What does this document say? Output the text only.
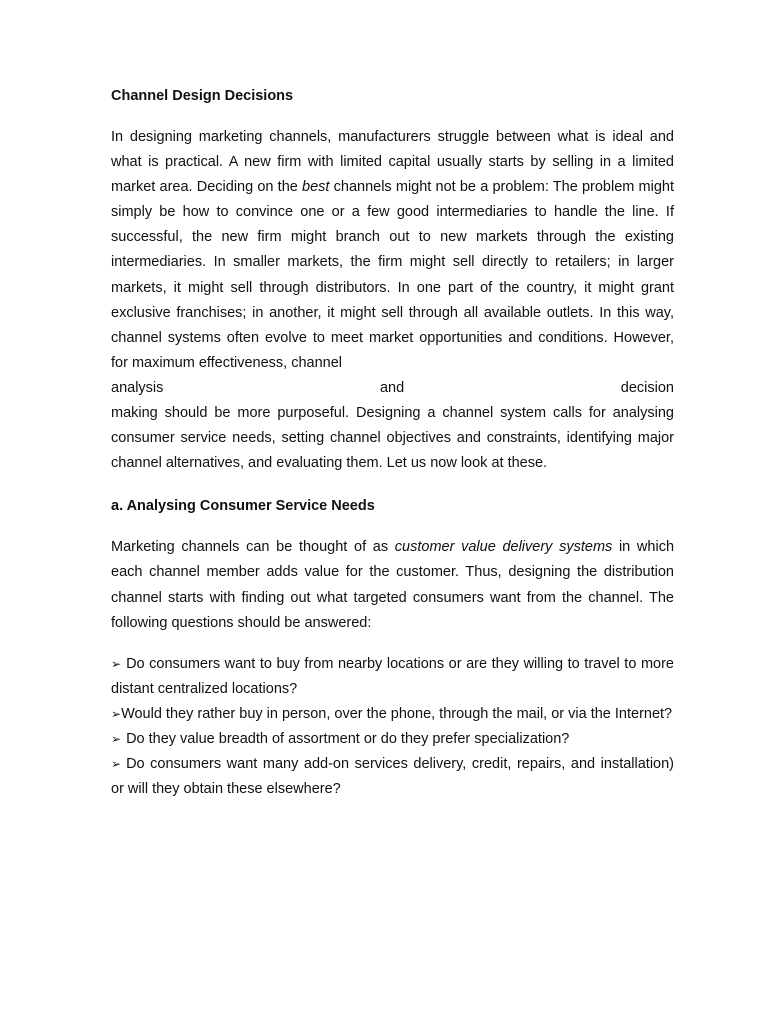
Channel Design Decisions

In designing marketing channels, manufacturers struggle between what is ideal and what is practical. A new firm with limited capital usually starts by selling in a limited market area. Deciding on the best channels might not be a problem: The problem might simply be how to convince one or a few good intermediaries to handle the line. If successful, the new firm might branch out to new markets through the existing intermediaries. In smaller markets, the firm might sell directly to retailers; in larger markets, it might sell through distributors. In one part of the country, it might grant exclusive franchises; in another, it might sell through all available outlets. In this way, channel systems often evolve to meet market opportunities and conditions. However, for maximum effectiveness, channel

analysis	and	decision

making should be more purposeful. Designing a channel system calls for analysing consumer service needs, setting channel objectives and constraints, identifying major channel alternatives, and evaluating them. Let us now look at these.

a. Analysing Consumer Service Needs

Marketing channels can be thought of as customer value delivery systems in which each channel member adds value for the customer. Thus, designing the distribution channel starts with finding out what targeted consumers want from the channel. The following questions should be answered:

➢ Do consumers want to buy from nearby locations or are they willing to travel to more distant centralized locations?
➢Would they rather buy in person, over the phone, through the mail, or via the Internet?
➢ Do they value breadth of assortment or do they prefer specialization?
➢ Do consumers want many add-on services delivery, credit, repairs, and installation) or will they obtain these elsewhere?
